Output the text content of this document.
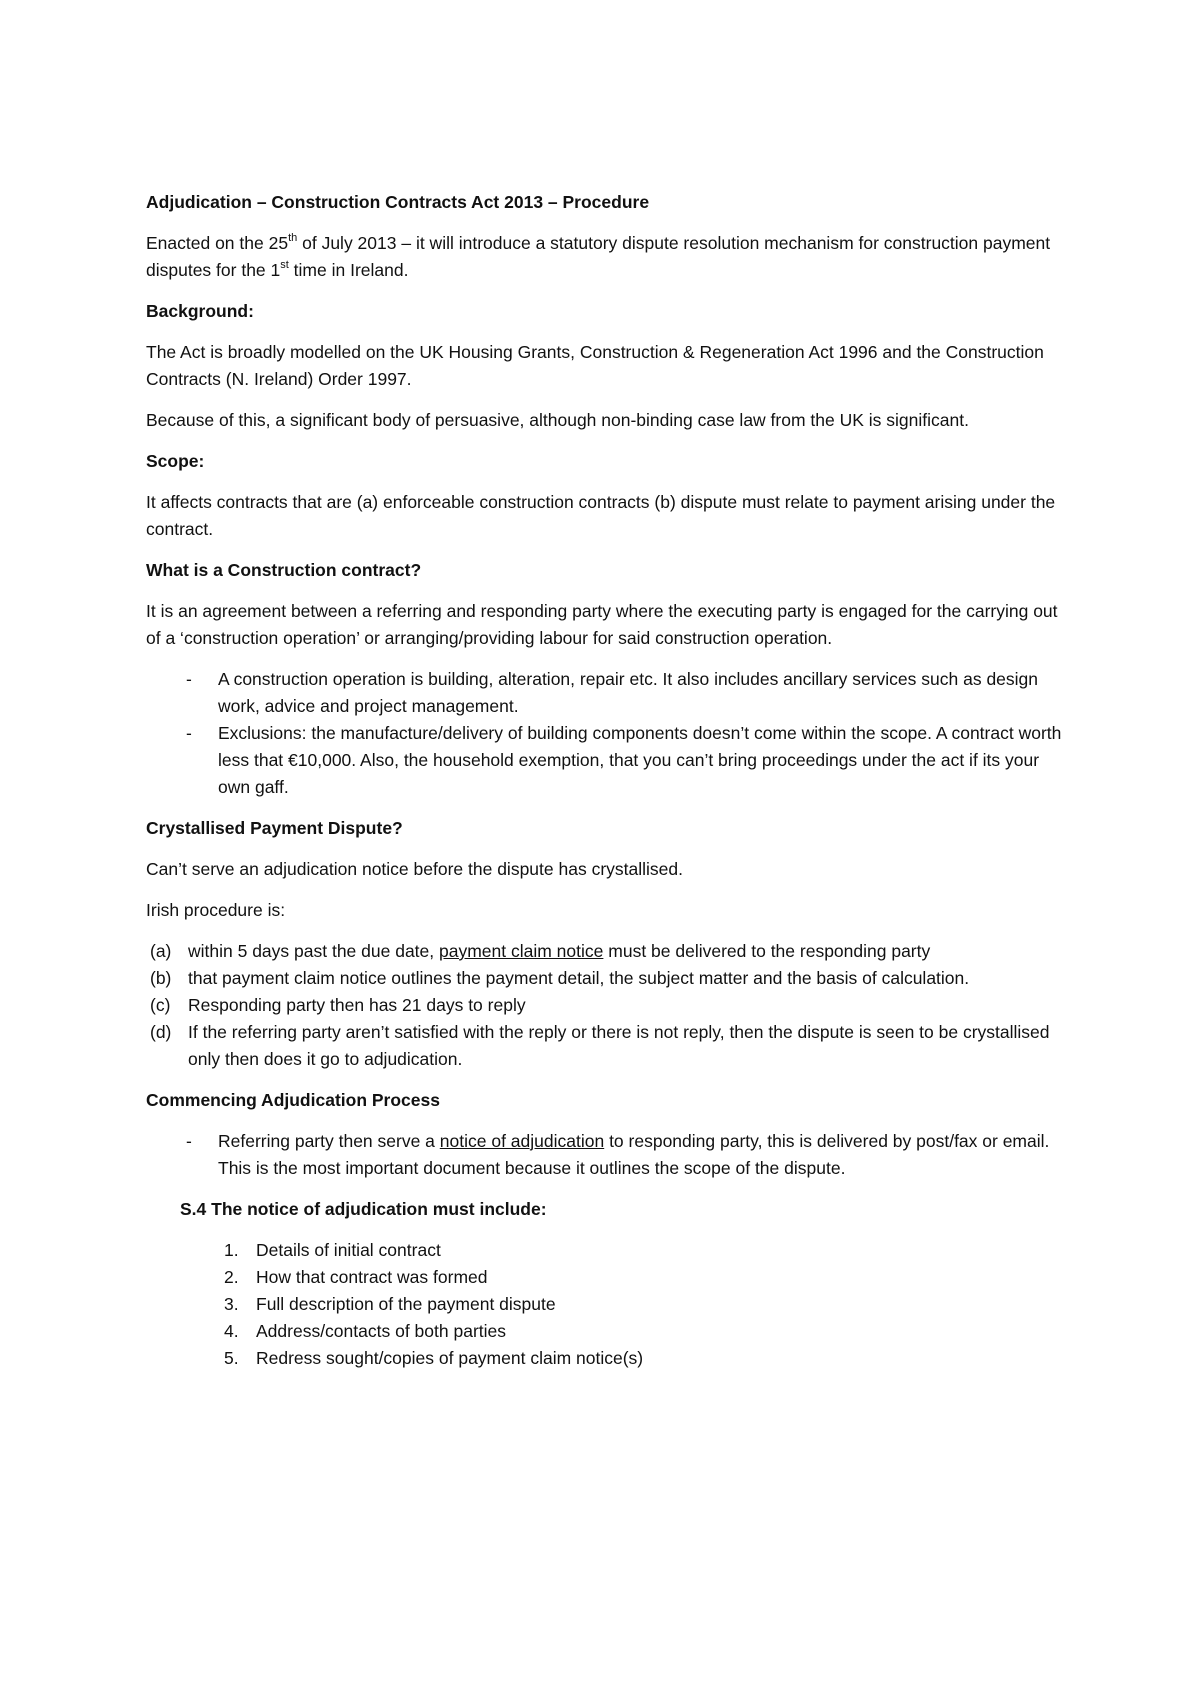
Adjudication – Construction Contracts Act 2013 – Procedure
Enacted on the 25th of July 2013 – it will introduce a statutory dispute resolution mechanism for construction payment disputes for the 1st time in Ireland.
Background:
The Act is broadly modelled on the UK Housing Grants, Construction & Regeneration Act 1996 and the Construction Contracts (N. Ireland) Order 1997.
Because of this, a significant body of persuasive, although non-binding case law from the UK is significant.
Scope:
It affects contracts that are (a) enforceable construction contracts (b) dispute must relate to payment arising under the contract.
What is a Construction contract?
It is an agreement between a referring and responding party where the executing party is engaged for the carrying out of a ‘construction operation’ or arranging/providing labour for said construction operation.
- A construction operation is building, alteration, repair etc. It also includes ancillary services such as design work, advice and project management.
- Exclusions: the manufacture/delivery of building components doesn’t come within the scope. A contract worth less that €10,000. Also, the household exemption, that you can’t bring proceedings under the act if its your own gaff.
Crystallised Payment Dispute?
Can’t serve an adjudication notice before the dispute has crystallised.
Irish procedure is:
(a) within 5 days past the due date, payment claim notice must be delivered to the responding party
(b) that payment claim notice outlines the payment detail, the subject matter and the basis of calculation.
(c) Responding party then has 21 days to reply
(d) If the referring party aren’t satisfied with the reply or there is not reply, then the dispute is seen to be crystallised only then does it go to adjudication.
Commencing Adjudication Process
- Referring party then serve a notice of adjudication to responding party, this is delivered by post/fax or email. This is the most important document because it outlines the scope of the dispute.
S.4 The notice of adjudication must include:
1. Details of initial contract
2. How that contract was formed
3. Full description of the payment dispute
4. Address/contacts of both parties
5. Redress sought/copies of payment claim notice(s)
